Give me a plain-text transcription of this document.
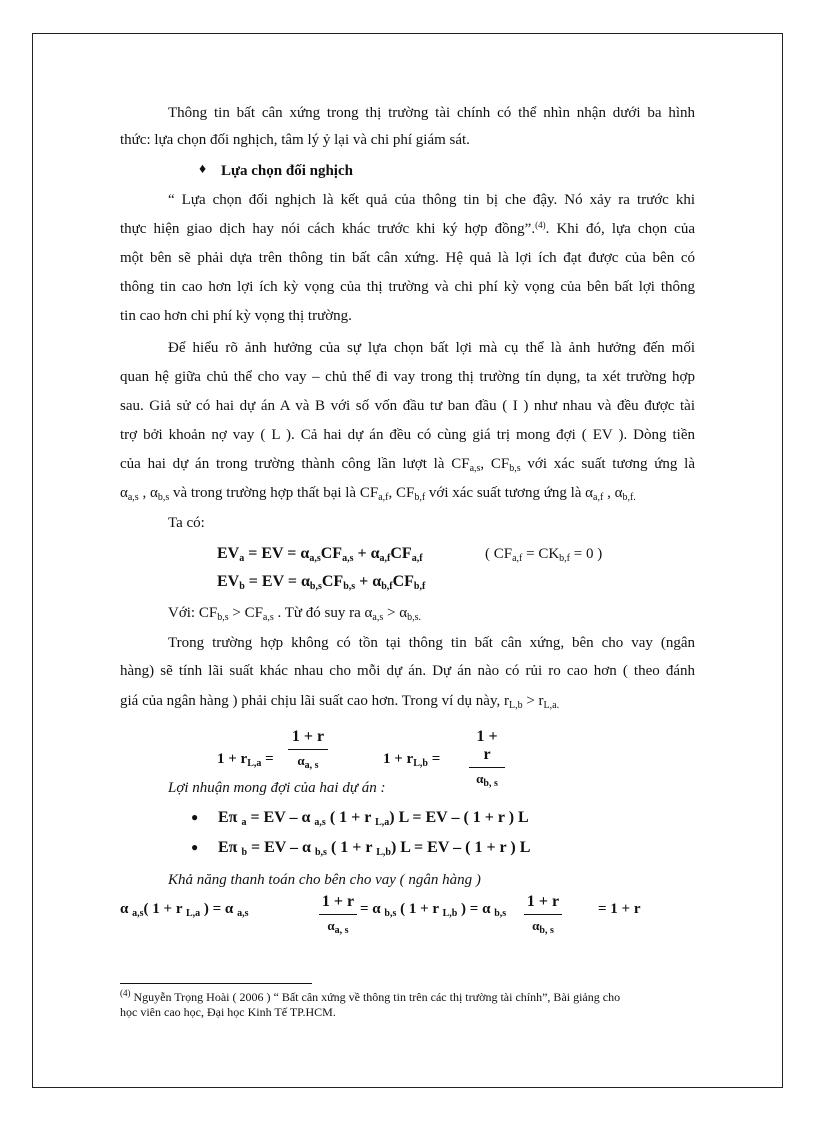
Thông tin bất cân xứng trong thị trường tài chính có thể nhìn nhận dưới ba hình
thức: lựa chọn đối nghịch, tâm lý ỷ lại và chi phí giám sát.
♦ Lựa chọn đối nghịch
“ Lựa chọn đối nghịch là kết quả của thông tin bị che đậy. Nó xảy ra trước khi
thực hiện giao dịch hay nói cách khác trước khi ký hợp đồng”.$^{(4)}$. Khi đó, lựa chọn của
một bên sẽ phải dựa trên thông tin bất cân xứng. Hệ quả là lợi ích đạt được của bên có
thông tin cao hơn lợi ích kỳ vọng của thị trường và chi phí kỳ vọng của bên bất lợi thông
tin cao hơn chi phí kỳ vọng thị trường.
Để hiểu rõ ảnh hưởng của sự lựa chọn bất lợi mà cụ thể là ảnh hưởng đến mối
quan hệ giữa chủ thể cho vay – chủ thể đi vay trong thị trường tín dụng, ta xét trường hợp
sau. Giả sử có hai dự án A và B với số vốn đầu tư ban đầu ( I ) như nhau và đều được tài
trợ bởi khoản nợ vay ( L ). Cả hai dự án đều có cùng giá trị mong đợi ( EV ). Dòng tiền
của hai dự án trong trường thành công lần lượt là $CF_{a,s}$, $CF_{b,s}$ với xác suất tương ứng là
$\alpha_{a,s}$ , $\alpha_{b,s}$ và trong trường hợp thất bại là $CF_{a,f}$, $CF_{b,f}$ với xác suất tương ứng là $\alpha_{a,f}$ , $\alpha_{b,f.}$
Ta có:
$EV_a$ = EV = $\alpha_{a,s}CF_{a,s} + \alpha_{a,f}CF_{a,f}$	( $CF_{a,f} = CK_{b,f} = 0$ )
$EV_b$ = EV = $\alpha_{b,s}CF_{b,s} + \alpha_{b,f}CF_{b,f}$
Với: $CF_{b,s} > CF_{a,s}$ . Từ đó suy ra $\alpha_{a,s} > \alpha_{b,s.}$
Trong trường hợp không có tồn tại thông tin bất cân xứng, bên cho vay (ngân
hàng) sẽ tính lãi suất khác nhau cho mỗi dự án. Dự án nào có rủi ro cao hơn ( theo đánh
giá của ngân hàng ) phải chịu lãi suất cao hơn. Trong ví dụ này, $r_{L,b} > r_{L,a.}$
$1 + r_{L,a}$ =
1 + r
$\alpha_{a, s}$	$1 + r_{L,b}$ =
1 + r
$\alpha_{b, s}$
Lợi nhuận mong đợi của hai dự án :
● Eπ $_a$ = EV – α $_{a,s}$ ( 1 + r $_{L,a}$) L = EV – ( 1 + r ) L
● Eπ $_b$ = EV – α $_{b,s}$ ( 1 + r $_{L,b}$) L = EV – ( 1 + r ) L
Khả năng thanh toán cho bên cho vay ( ngân hàng )
α $_{a,s}$( 1 + r $_{L,a}$ ) = α $_{a,s}$
1 + r
$\alpha_{a, s}$
= α $_{b,s}$ ( 1 + r $_{L,b}$ ) = α $_{b,s}$
1 + r
$\alpha_{b, s}$
= 1 + r
$^{(4)}$ Nguyễn Trọng Hoài ( 2006 ) “ Bất cân xứng về thông tin trên các thị trường tài chính”, Bài giảng cho
học viên cao học, Đại học Kinh Tế TP.HCM.
